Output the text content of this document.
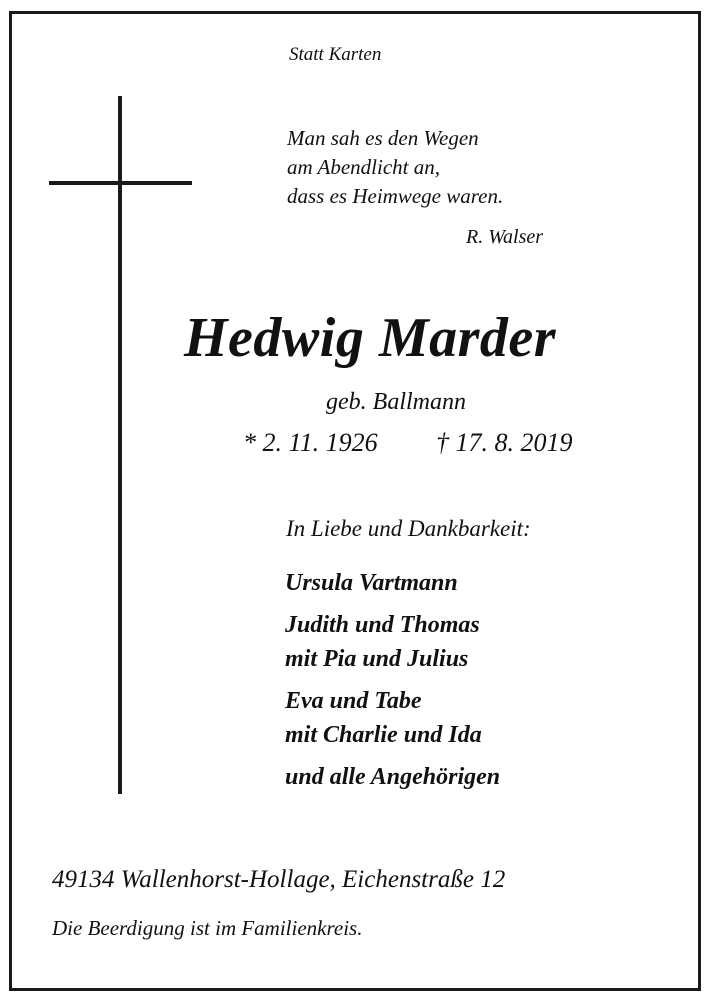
Statt Karten
Man sah es den Wegen
am Abendlicht an,
dass es Heimwege waren.
R. Walser
Hedwig Marder
geb. Ballmann
* 2. 11. 1926 † 17. 8. 2019
In Liebe und Dankbarkeit:
Ursula Vartmann
Judith und Thomas
mit Pia und Julius
Eva und Tabe
mit Charlie und Ida
und alle Angehörigen
49134 Wallenhorst-Hollage, Eichenstraße 12
Die Beerdigung ist im Familienkreis.
